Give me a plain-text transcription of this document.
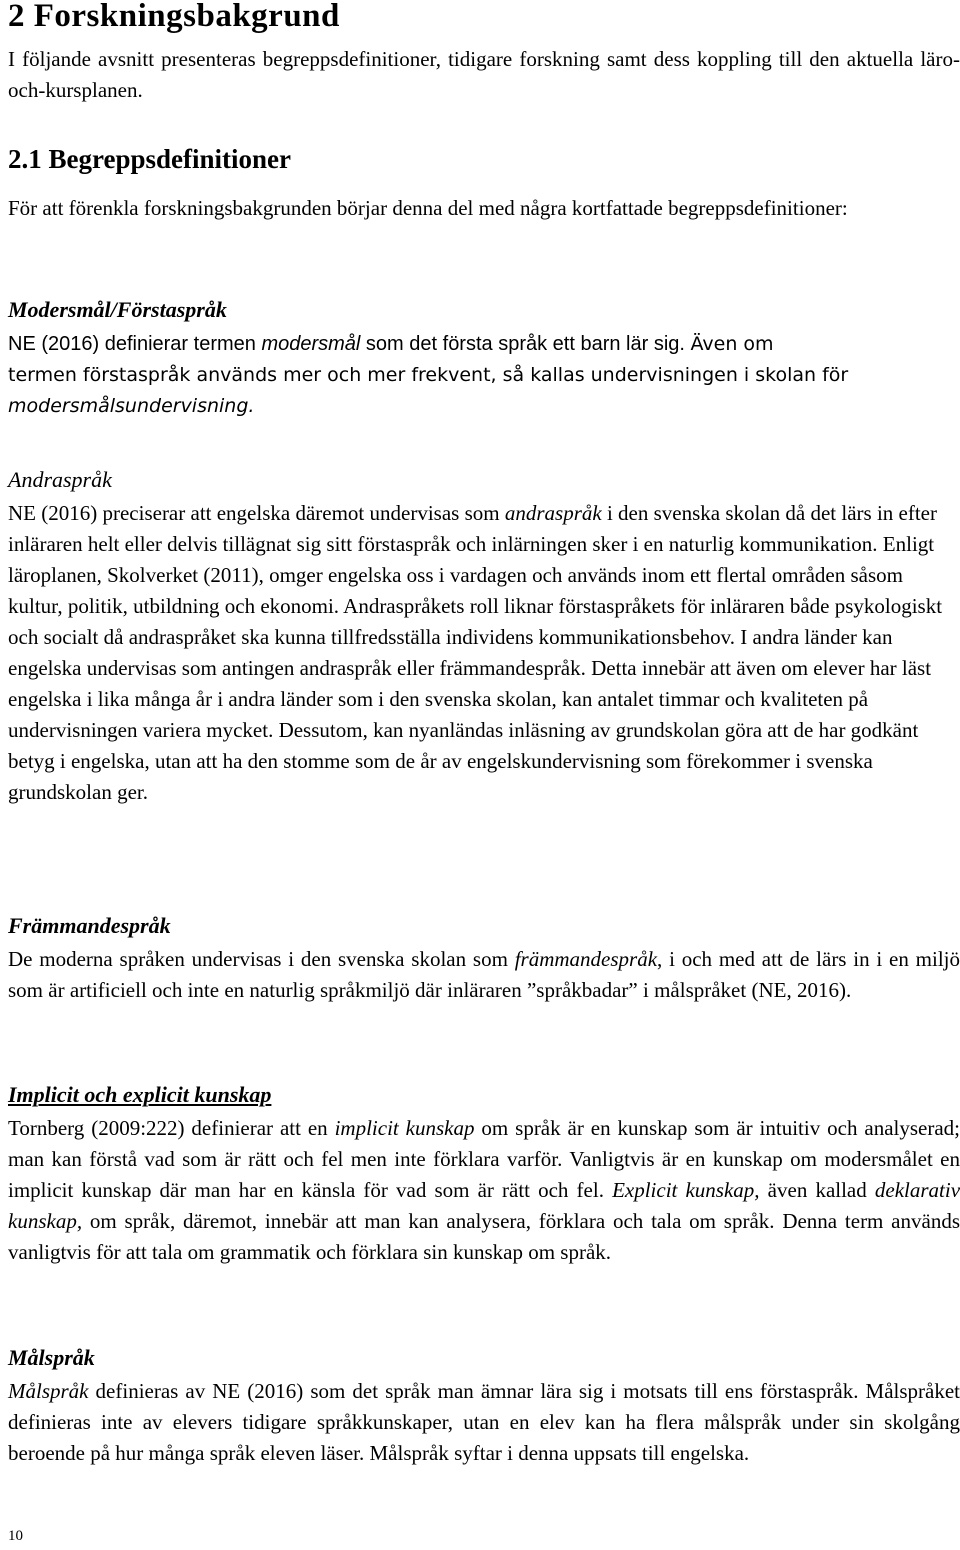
2 Forskningsbakgrund

I följande avsnitt presenteras begreppsdefinitioner, tidigare forskning samt dess koppling till den aktuella läro-och-kursplanen.

2.1 Begreppsdefinitioner

För att förenkla forskningsbakgrunden börjar denna del med några kortfattade begreppsdefinitioner:

Modersmål/Förstaspråk
NE (2016) definierar termen modersmål som det första språk ett barn lär sig. Även om
termen förstaspråk används mer och mer frekvent, så kallas undervisningen i skolan för
modersmålsundervisning.
Andraspråk

NE (2016) preciserar att engelska däremot undervisas som andraspråk i den svenska skolan då det lärs in efter inläraren helt eller delvis tillägnat sig sitt förstaspråk och inlärningen sker i en naturlig kommunikation. Enligt läroplanen, Skolverket (2011), omger engelska oss i vardagen och används inom ett flertal områden såsom kultur, politik, utbildning och ekonomi. Andraspråkets roll liknar förstaspråkets för inläraren både psykologiskt och socialt då andraspråket ska kunna tillfredsställa individens kommunikationsbehov. I andra länder kan engelska undervisas som antingen andraspråk eller främmandespråk. Detta innebär att även om elever har läst engelska i lika många år i andra länder som i den svenska skolan, kan antalet timmar och kvaliteten på undervisningen variera mycket. Dessutom, kan nyanländas inläsning av grundskolan göra att de har godkänt betyg i engelska, utan att ha den stomme som de år av engelskundervisning som förekommer i svenska grundskolan ger.

Främmandespråk

De moderna språken undervisas i den svenska skolan som främmandespråk, i och med att de lärs in i en miljö som är artificiell och inte en naturlig språkmiljö där inläraren ”språkbadar” i målspråket (NE, 2016).

Implicit och explicit kunskap

Tornberg (2009:222) definierar att en implicit kunskap om språk är en kunskap som är intuitiv och analyserad; man kan förstå vad som är rätt och fel men inte förklara varför. Vanligtvis är en kunskap om modersmålet en implicit kunskap där man har en känsla för vad som är rätt och fel. Explicit kunskap, även kallad deklarativ kunskap, om språk, däremot, innebär att man kan analysera, förklara och tala om språk. Denna term används vanligtvis för att tala om grammatik och förklara sin kunskap om språk.

Målspråk

Målspråk definieras av NE (2016) som det språk man ämnar lära sig i motsats till ens förstaspråk. Målspråket definieras inte av elevers tidigare språkkunskaper, utan en elev kan ha flera målspråk under sin skolgång beroende på hur många språk eleven läser. Målspråk syftar i denna uppsats till engelska.

10
